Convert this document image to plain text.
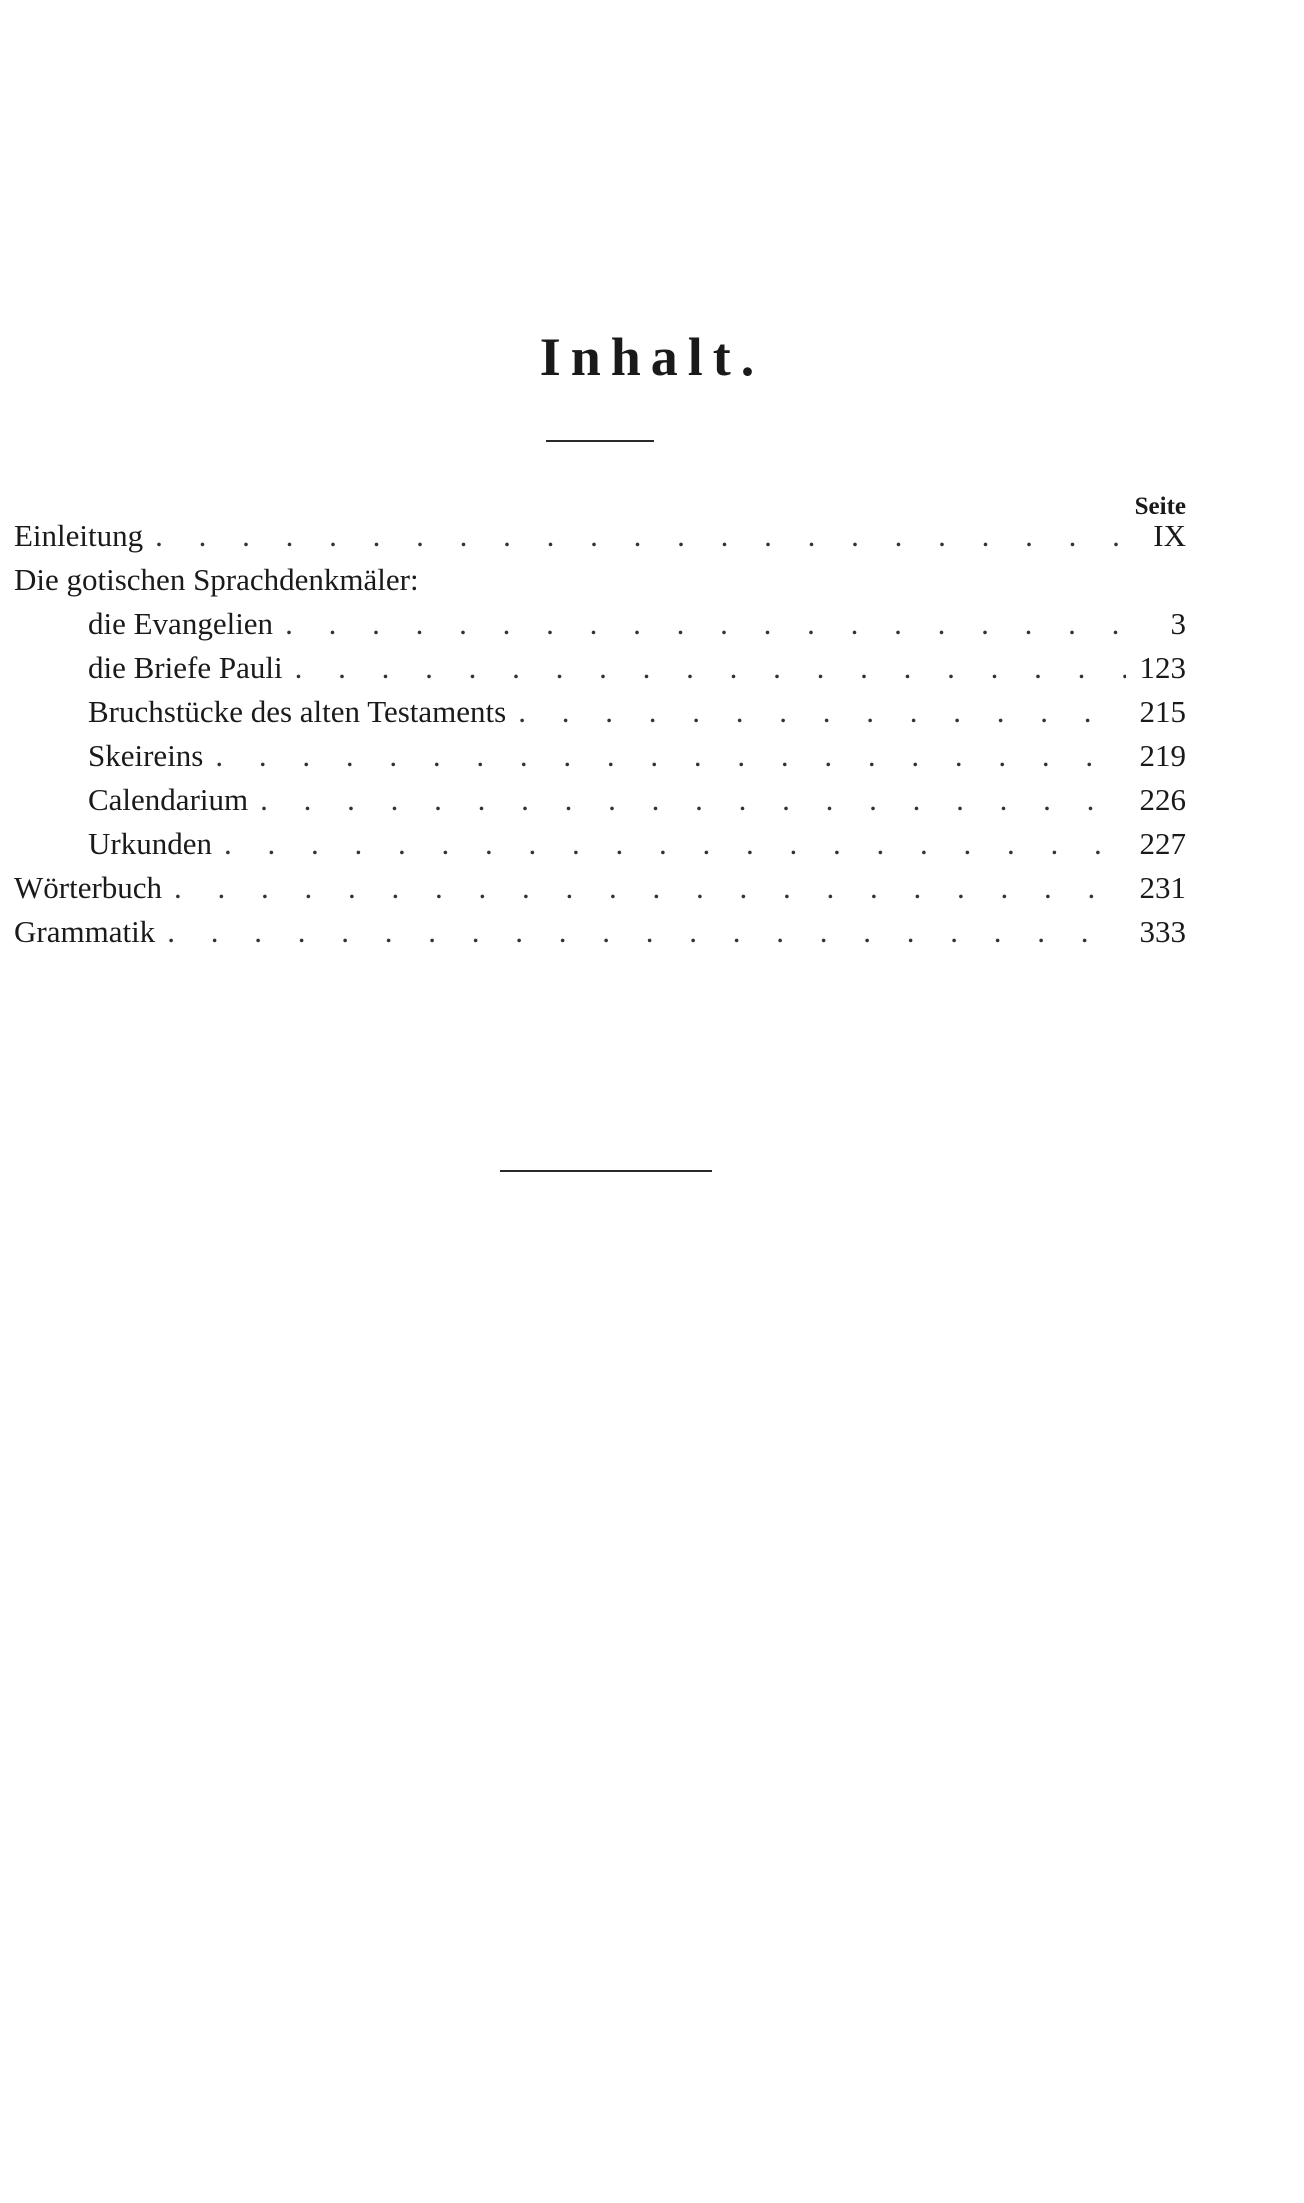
Inhalt.
Seite
Einleitung . . .	IX
Die gotischen Sprachdenkmäler:
die Evangelien . . .	3
die Briefe Pauli . . .	123
Bruchstücke des alten Testaments . . .	215
Skeireins . . .	219
Calendarium . . .	226
Urkunden . . .	227
Wörterbuch . . .	231
Grammatik . . .	333
